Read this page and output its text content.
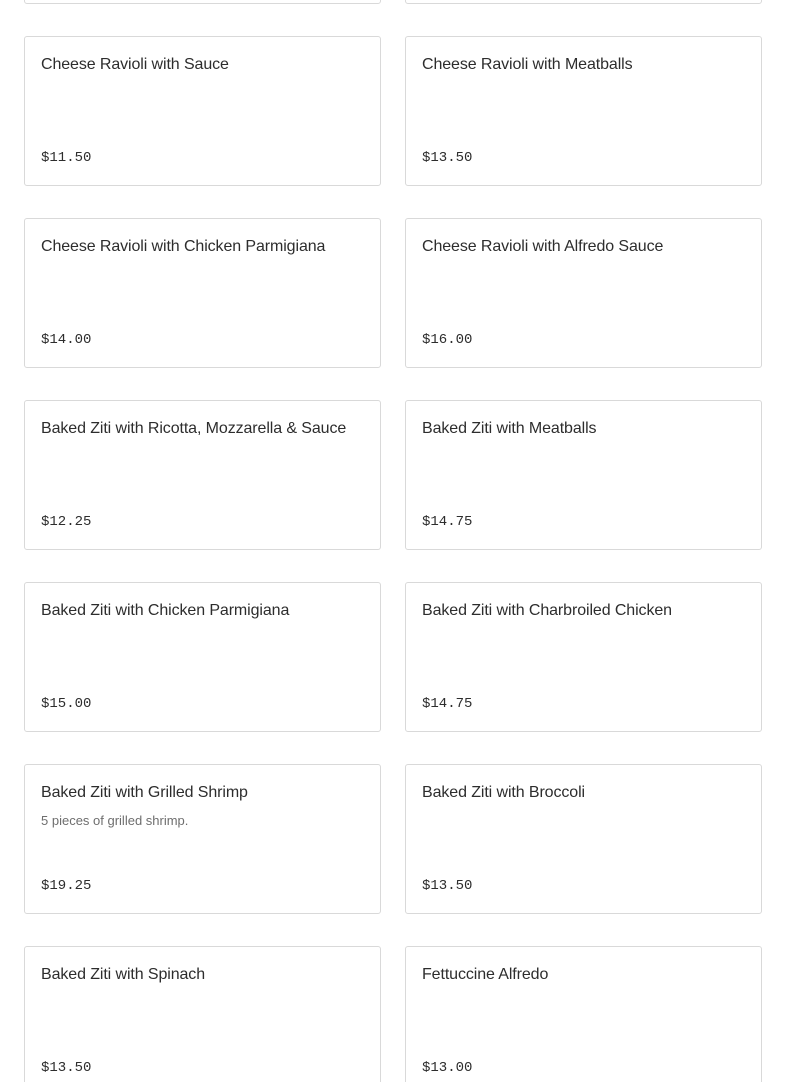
Cheese Ravioli with Sauce
$11.50
Cheese Ravioli with Meatballs
$13.50
Cheese Ravioli with Chicken Parmigiana
$14.00
Cheese Ravioli with Alfredo Sauce
$16.00
Baked Ziti with Ricotta, Mozzarella & Sauce
$12.25
Baked Ziti with Meatballs
$14.75
Baked Ziti with Chicken Parmigiana
$15.00
Baked Ziti with Charbroiled Chicken
$14.75
Baked Ziti with Grilled Shrimp
5 pieces of grilled shrimp.
$19.25
Baked Ziti with Broccoli
$13.50
Baked Ziti with Spinach
$13.50
Fettuccine Alfredo
$13.00
